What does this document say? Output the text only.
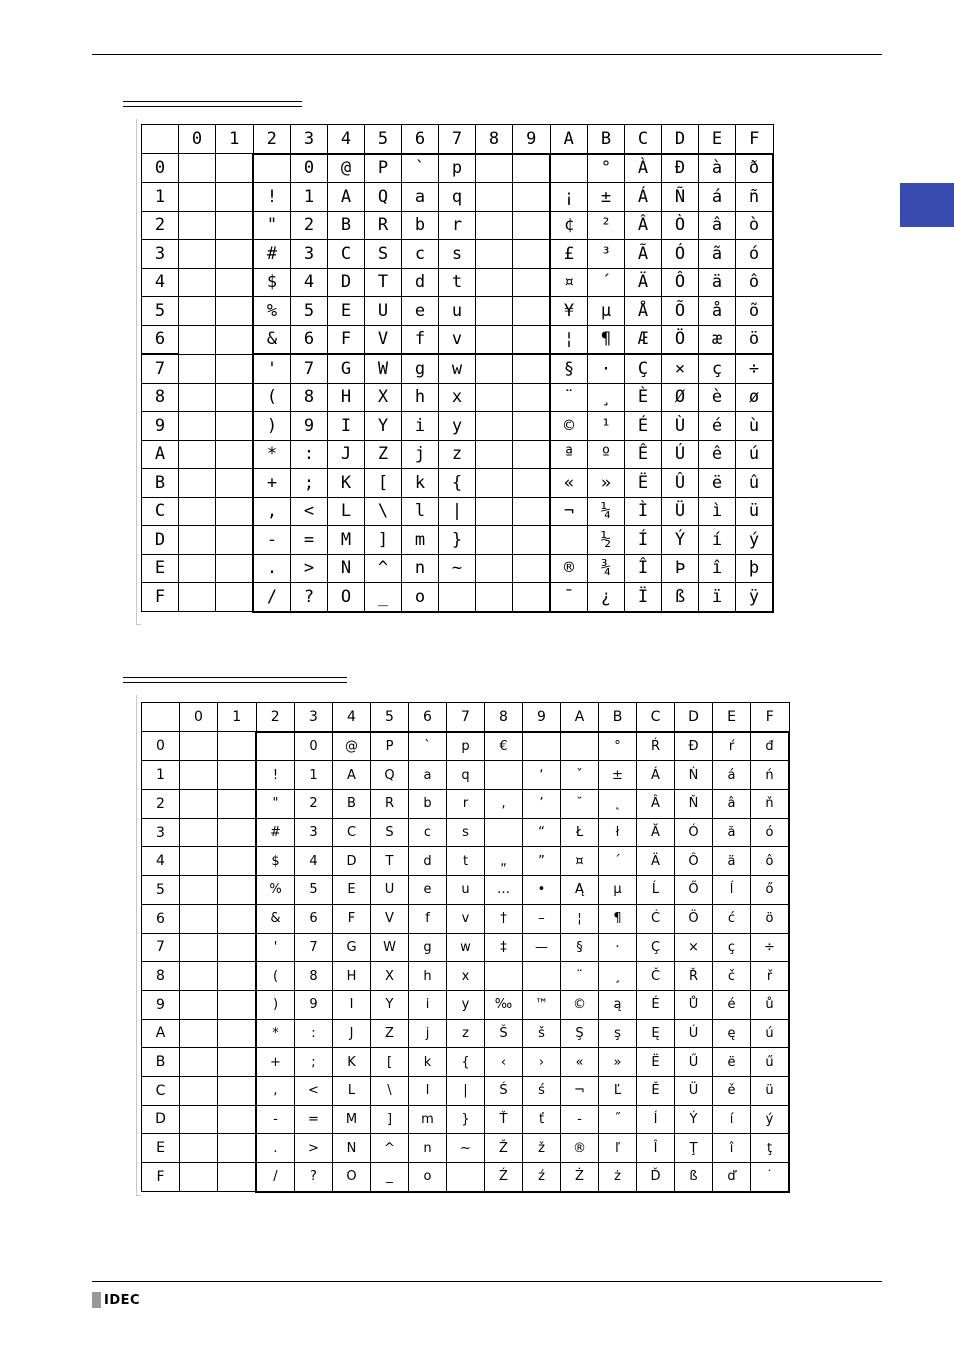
	0	1	2	3	4	5	6	7	8	9	A	B	C	D	E	F
0				0	@	P	`	p				°	À	Ð	à	ð
1			!	1	A	Q	a	q			¡	±	Á	Ñ	á	ñ
2			"	2	B	R	b	r			¢	²	Â	Ò	â	ò
3			#	3	C	S	c	s			£	³	Ã	Ó	ã	ó
4			$	4	D	T	d	t			¤	´	Ä	Ô	ä	ô
5			%	5	E	U	e	u			¥	µ	Å	Õ	å	õ
6			&	6	F	V	f	v			¦	¶	Æ	Ö	æ	ö
7			'	7	G	W	g	w			§	·	Ç	×	ç	÷
8			(	8	H	X	h	x			¨	¸	È	Ø	è	ø
9			)	9	I	Y	i	y			©	¹	É	Ù	é	ù
A			*	:	J	Z	j	z			ª	º	Ê	Ú	ê	ú
B			+	;	K	[	k	{			«	»	Ë	Û	ë	û
C			,	<	L	\	l	|			¬	¼	Ì	Ü	ì	ü
D			-	=	M	]	m	}				½	Í	Ý	í	ý
E			.	>	N	^	n	~			®	¾	Î	Þ	î	þ
F			/	?	O	_	o				¯	¿	Ï	ß	ï	ÿ
	0	1	2	3	4	5	6	7	8	9	A	B	C	D	E	F
0				0	@	P	`	p	€			°	Ŕ	Đ	ŕ	đ
1			!	1	A	Q	a	q		‘	ˇ	±	Á	Ń	á	ń
2			"	2	B	R	b	r	‚	’	˘	˛	Â	Ň	â	ň
3			#	3	C	S	c	s		“	Ł	ł	Ă	Ó	ă	ó
4			$	4	D	T	d	t	„	”	¤	´	Ä	Ô	ä	ô
5			%	5	E	U	e	u	…	•	Ą	µ	Ĺ	Ő	ĺ	ő
6			&	6	F	V	f	v	†	–	¦	¶	Ć	Ö	ć	ö
7			'	7	G	W	g	w	‡	—	§	·	Ç	×	ç	÷
8			(	8	H	X	h	x			¨	¸	Č	Ř	č	ř
9			)	9	I	Y	i	y	‰	™	©	ą	É	Ů	é	ů
A			*	:	J	Z	j	z	Š	š	Ş	ş	Ę	Ú	ę	ú
B			+	;	K	[	k	{	‹	›	«	»	Ë	Ű	ë	ű
C			,	<	L	\	l	|	Ś	ś	¬	Ľ	Ě	Ü	ě	ü
D			-	=	M	]	m	}	Ť	ť	-	˝	Í	Ý	í	ý
E			.	>	N	^	n	~	Ž	ž	®	ľ	Î	Ţ	î	ţ
F			/	?	O	_	o		Ź	ź	Ż	ż	Ď	ß	ď	˙
IDEC
